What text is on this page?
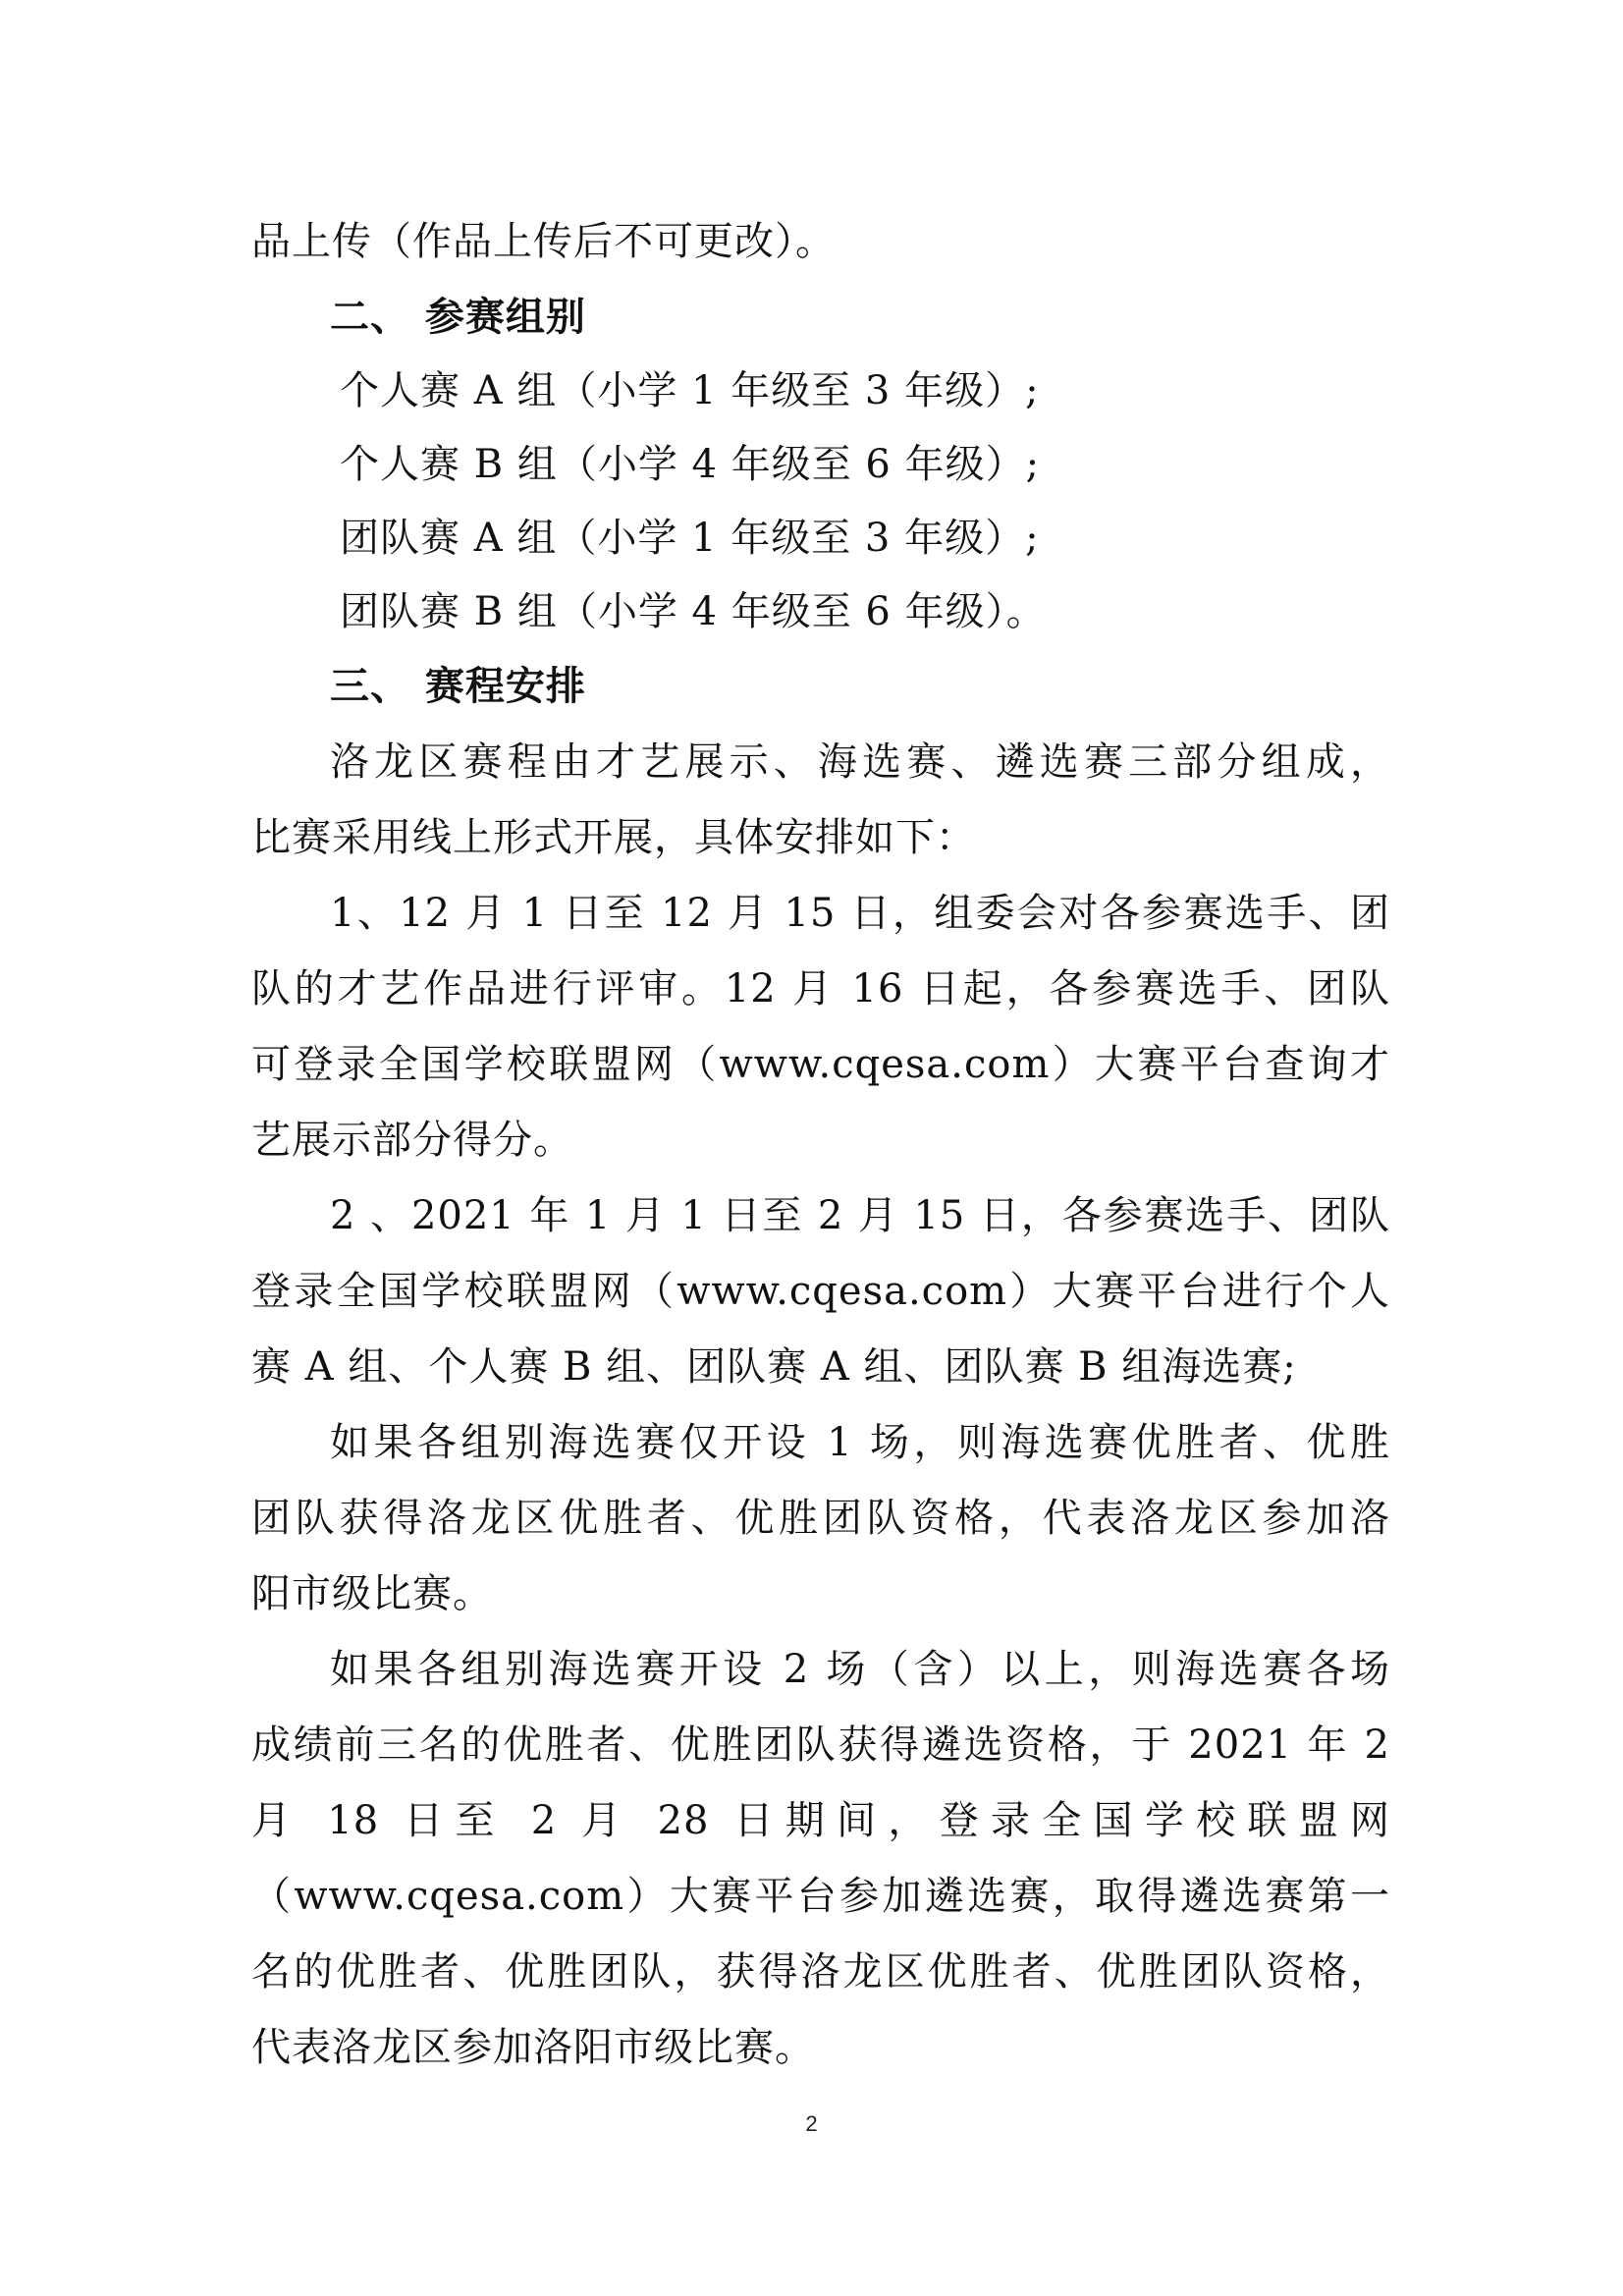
品上传（作品上传后不可更改）。
二、 参赛组别
个人赛 A 组（小学 1 年级至 3 年级）;
个人赛 B 组（小学 4 年级至 6 年级）;
团队赛 A 组（小学 1 年级至 3 年级）;
团队赛 B 组（小学 4 年级至 6 年级）。
三、 赛程安排
洛龙区赛程由才艺展示、海选赛、遴选赛三部分组成，
比赛采用线上形式开展，具体安排如下：
1、12 月 1 日至 12 月 15 日，组委会对各参赛选手、团
队的才艺作品进行评审。12 月 16 日起，各参赛选手、团队
可登录全国学校联盟网（www.cqesa.com）大赛平台查询才
艺展示部分得分。
2 、2021 年 1 月 1 日至 2 月 15 日，各参赛选手、团队
登录全国学校联盟网（www.cqesa.com）大赛平台进行个人
赛 A 组、个人赛 B 组、团队赛 A 组、团队赛 B 组海选赛;
如果各组别海选赛仅开设 1 场，则海选赛优胜者、优胜
团队获得洛龙区优胜者、优胜团队资格，代表洛龙区参加洛
阳市级比赛。
如果各组别海选赛开设 2 场（含）以上，则海选赛各场
成绩前三名的优胜者、优胜团队获得遴选资格，于 2021 年 2
月 18 日至 2 月 28 日期间，登录全国学校联盟网
（www.cqesa.com）大赛平台参加遴选赛，取得遴选赛第一
名的优胜者、优胜团队，获得洛龙区优胜者、优胜团队资格，
代表洛龙区参加洛阳市级比赛。
2
